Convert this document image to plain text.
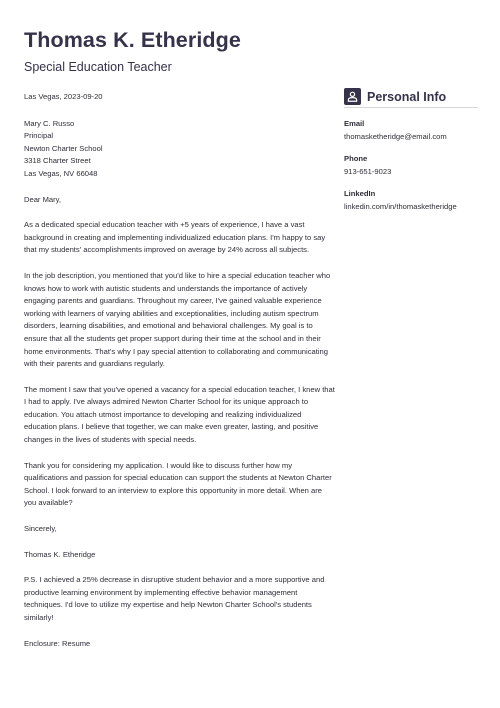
Thomas K. Etheridge
Special Education Teacher

Las Vegas, 2023-09-20

Mary C. Russo

Principal

Newton Charter School

3318 Charter Street

Las Vegas, NV 66048

Dear Mary,

As a dedicated special education teacher with +5 years of experience, I have a vast background in creating and implementing individualized education plans. I'm happy to say that my students' accomplishments improved on average by 24% across all subjects.

In the job description, you mentioned that you'd like to hire a special education teacher who knows how to work with autistic students and understands the importance of actively engaging parents and guardians. Throughout my career, I've gained valuable experience working with learners of varying abilities and exceptionalities, including autism spectrum disorders, learning disabilities, and emotional and behavioral challenges. My goal is to ensure that all the students get proper support during their time at the school and in their home environments. That's why I pay special attention to collaborating and communicating with their parents and guardians regularly.

The moment I saw that you've opened a vacancy for a special education teacher, I knew that I had to apply. I've always admired Newton Charter School for its unique approach to education. You attach utmost importance to developing and realizing individualized education plans. I believe that together, we can make even greater, lasting, and positive changes in the lives of students with special needs.

Thank you for considering my application. I would like to discuss further how my qualifications and passion for special education can support the students at Newton Charter School. I look forward to an interview to explore this opportunity in more detail. When are you available?

Sincerely,

Thomas K. Etheridge

P.S. I achieved a 25% decrease in disruptive student behavior and a more supportive and productive learning environment by implementing effective behavior management techniques. I'd love to utilize my expertise and help Newton Charter School's students similarly!

Enclosure: Resume

Personal Info
Email
thomasketheridge@email.com
Phone
913-651-9023
LinkedIn
linkedin.com/in/thomasketheridge
